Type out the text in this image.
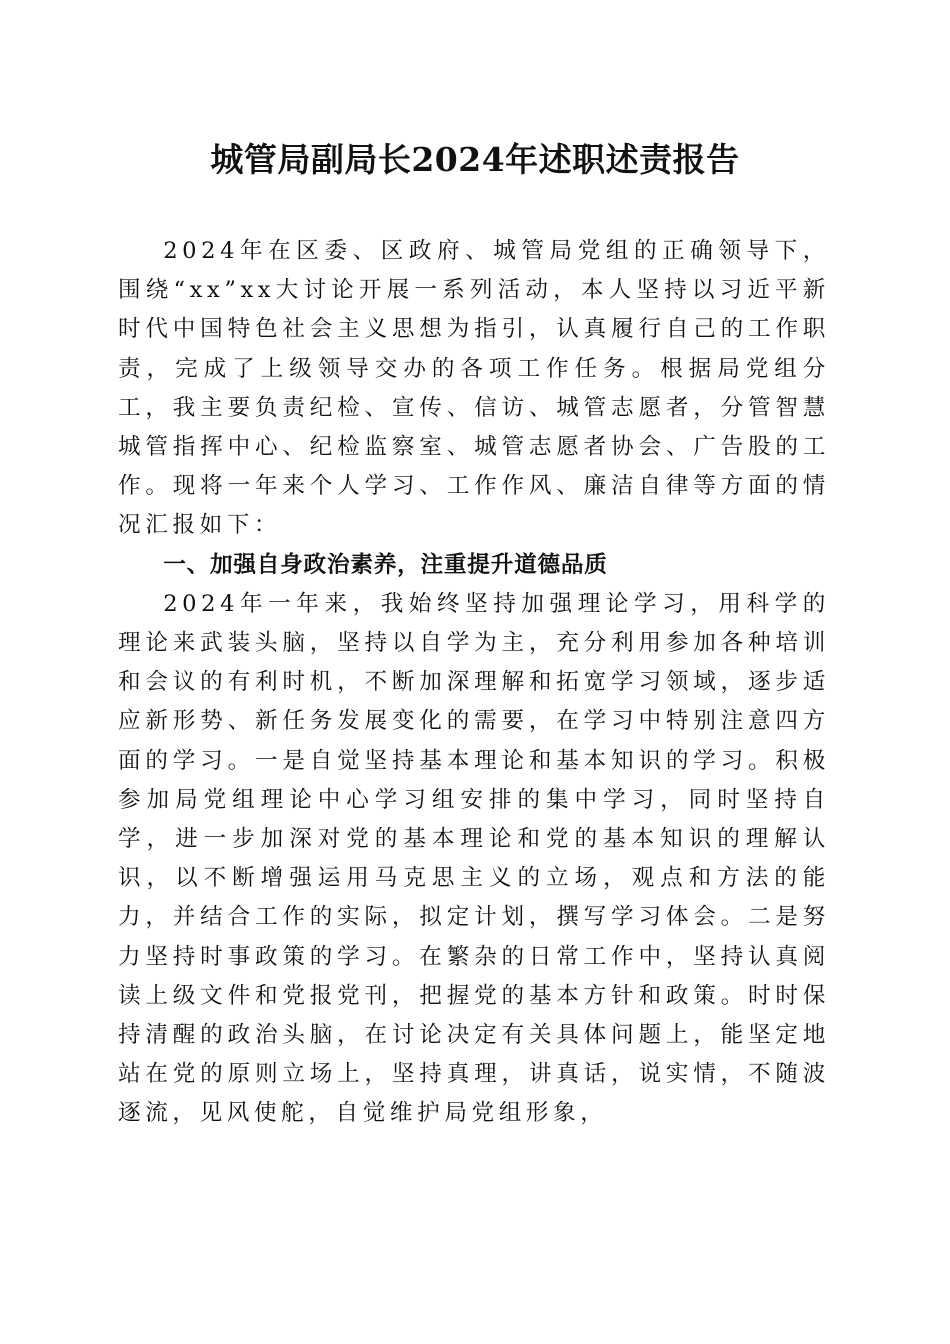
城管局副局长2024年述职述责报告

2024年在区委、区政府、城管局党组的正确领导下，围绕“xx”xx大讨论开展一系列活动，本人坚持以习近平新时代中国特色社会主义思想为指引，认真履行自己的工作职责，完成了上级领导交办的各项工作任务。根据局党组分工，我主要负责纪检、宣传、信访、城管志愿者，分管智慧城管指挥中心、纪检监察室、城管志愿者协会、广告股的工作。现将一年来个人学习、工作作风、廉洁自律等方面的情况汇报如下：

一、加强自身政治素养，注重提升道德品质

2024年一年来，我始终坚持加强理论学习，用科学的理论来武装头脑，坚持以自学为主，充分利用参加各种培训和会议的有利时机，不断加深理解和拓宽学习领域，逐步适应新形势、新任务发展变化的需要，在学习中特别注意四方面的学习。一是自觉坚持基本理论和基本知识的学习。积极参加局党组理论中心学习组安排的集中学习，同时坚持自学，进一步加深对党的基本理论和党的基本知识的理解认识，以不断增强运用马克思主义的立场，观点和方法的能力，并结合工作的实际，拟定计划，撰写学习体会。二是努力坚持时事政策的学习。在繁杂的日常工作中，坚持认真阅读上级文件和党报党刊，把握党的基本方针和政策。时时保持清醒的政治头脑，在讨论决定有关具体问题上，能坚定地站在党的原则立场上，坚持真理，讲真话，说实情，不随波逐流，见风使舵，自觉维护局党组形象，
